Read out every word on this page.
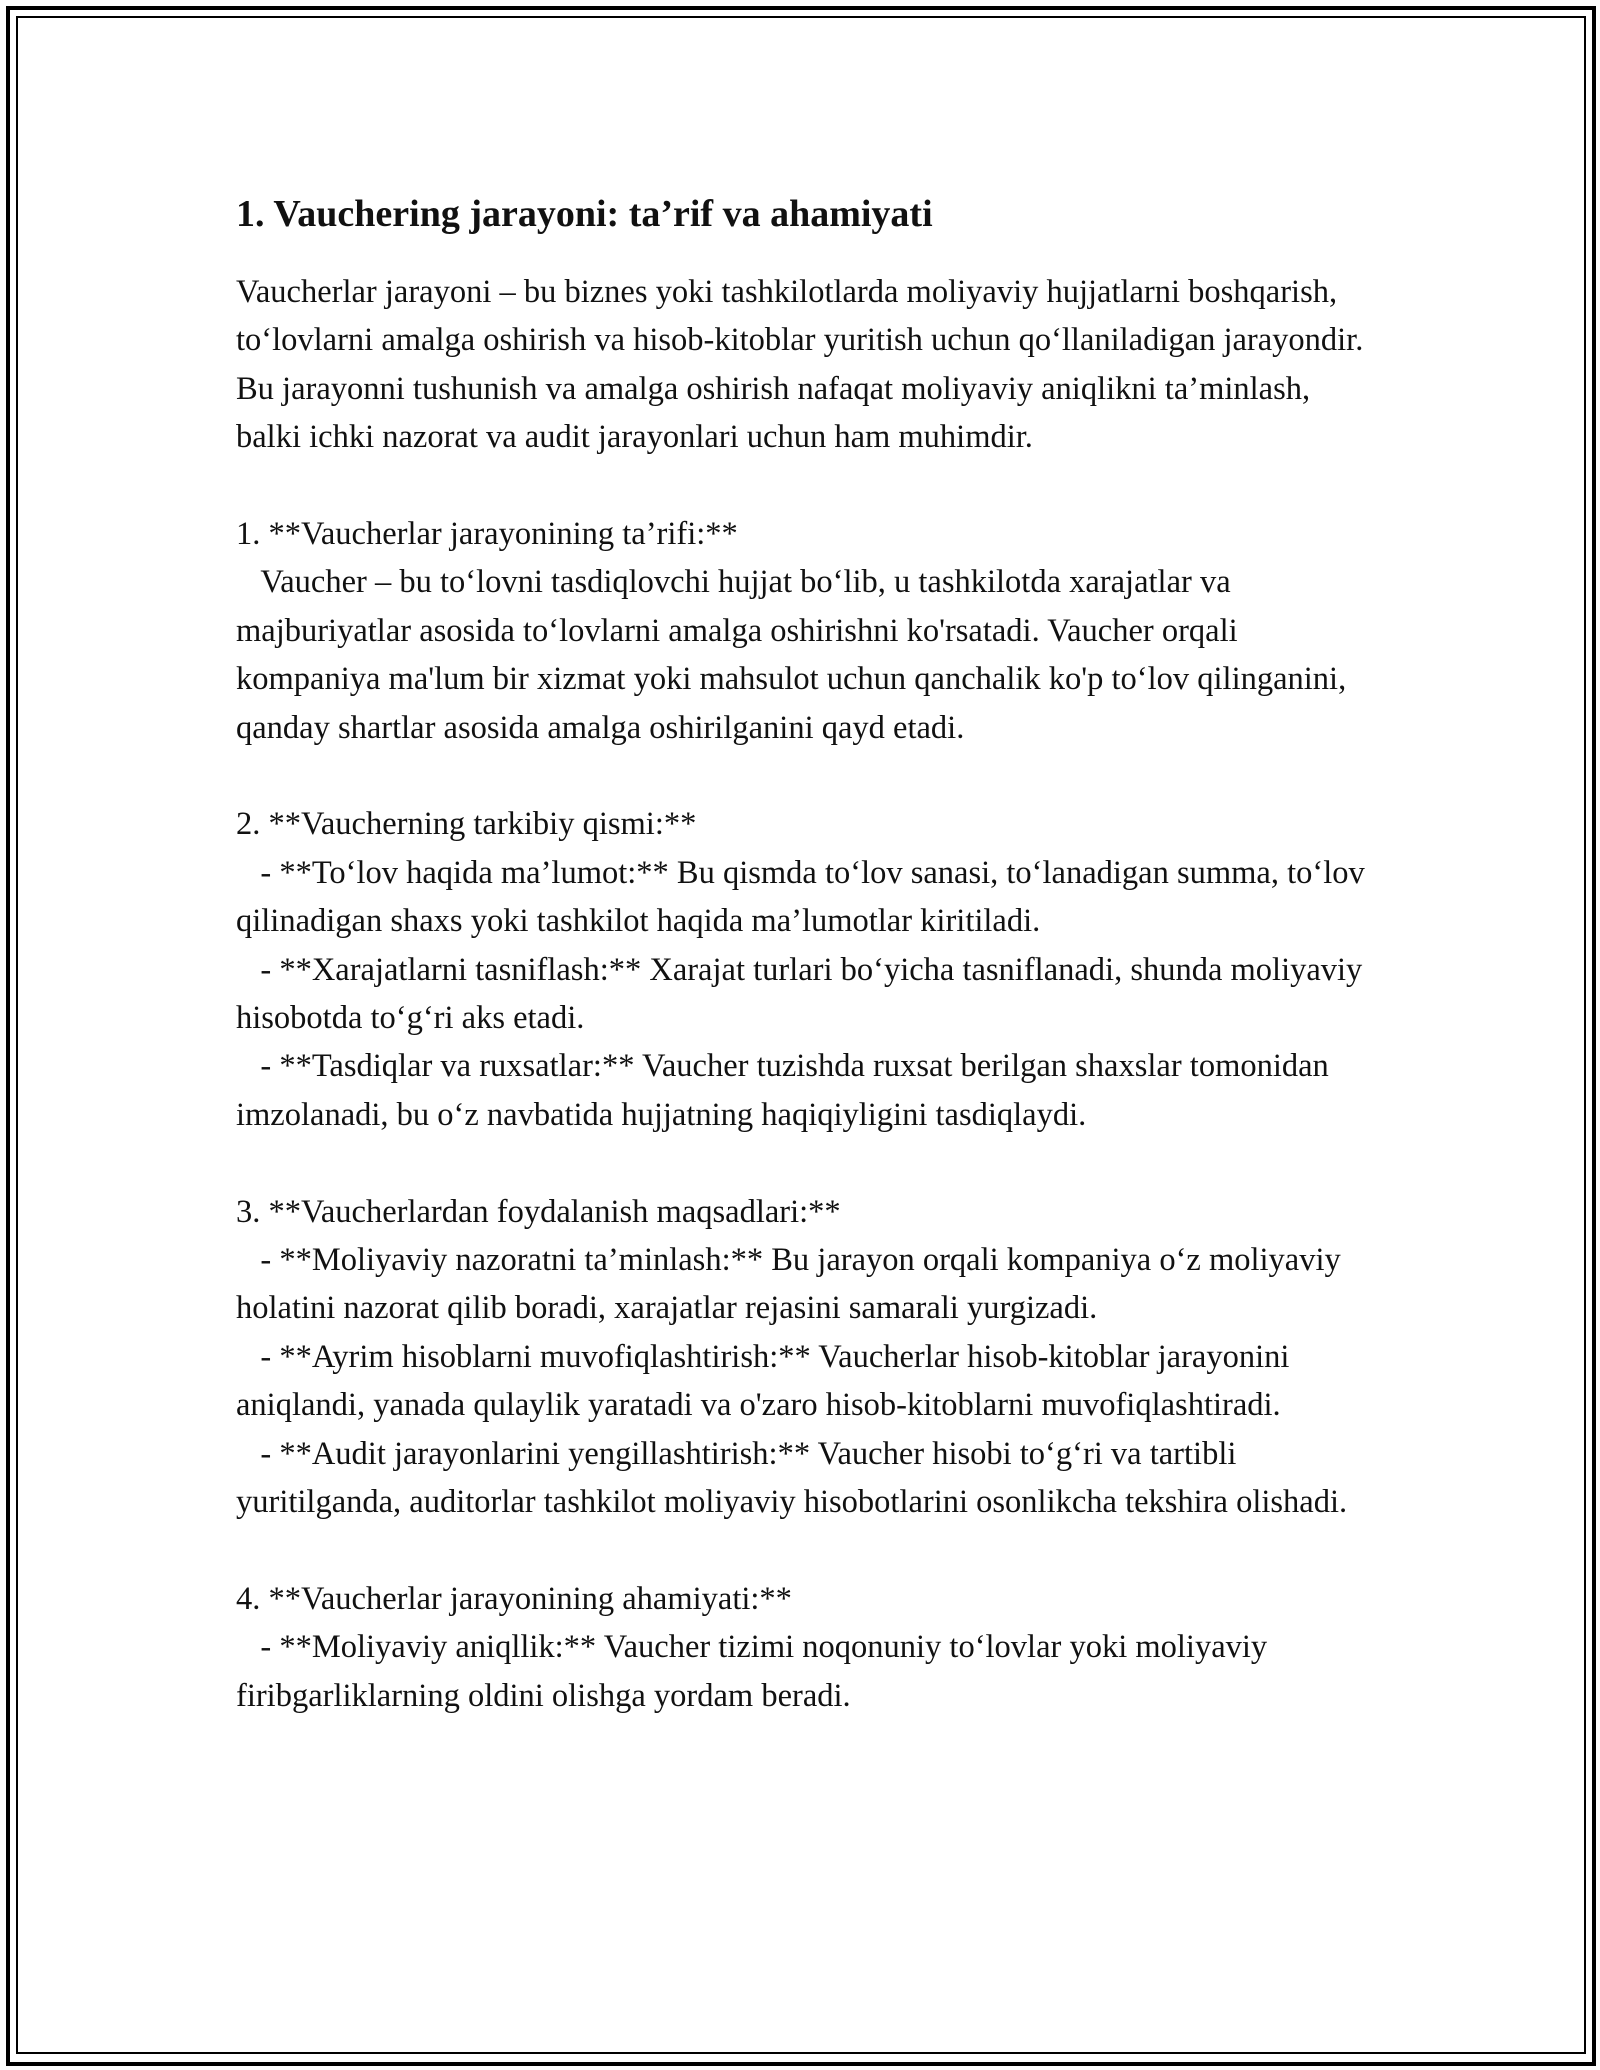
1. Vauchering jarayoni: ta’rif va ahamiyati

Vaucherlar jarayoni – bu biznes yoki tashkilotlarda moliyaviy hujjatlarni boshqarish, to‘lovlarni amalga oshirish va hisob-kitoblar yuritish uchun qo‘llaniladigan jarayondir. Bu jarayonni tushunish va amalga oshirish nafaqat moliyaviy aniqlikni ta’minlash, balki ichki nazorat va audit jarayonlari uchun ham muhimdir.

1. **Vaucherlar jarayonining ta’rifi:**

Vaucher – bu to‘lovni tasdiqlovchi hujjat bo‘lib, u tashkilotda xarajatlar va majburiyatlar asosida to‘lovlarni amalga oshirishni ko'rsatadi. Vaucher orqali kompaniya ma'lum bir xizmat yoki mahsulot uchun qanchalik ko'p to‘lov qilinganini, qanday shartlar asosida amalga oshirilganini qayd etadi.

2. **Vaucherning tarkibiy qismi:**

- **To‘lov haqida ma’lumot:** Bu qismda to‘lov sanasi, to‘lanadigan summa, to‘lov qilinadigan shaxs yoki tashkilot haqida ma’lumotlar kiritiladi.

- **Xarajatlarni tasniflash:** Xarajat turlari bo‘yicha tasniflanadi, shunda moliyaviy hisobotda to‘g‘ri aks etadi.

- **Tasdiqlar va ruxsatlar:** Vaucher tuzishda ruxsat berilgan shaxslar tomonidan imzolanadi, bu o‘z navbatida hujjatning haqiqiyligini tasdiqlaydi.

3. **Vaucherlardan foydalanish maqsadlari:**

- **Moliyaviy nazoratni ta’minlash:** Bu jarayon orqali kompaniya o‘z moliyaviy holatini nazorat qilib boradi, xarajatlar rejasini samarali yurgizadi.

- **Ayrim hisoblarni muvofiqlashtirish:** Vaucherlar hisob-kitoblar jarayonini aniqlandi, yanada qulaylik yaratadi va o'zaro hisob-kitoblarni muvofiqlashtiradi.

- **Audit jarayonlarini yengillashtirish:** Vaucher hisobi to‘g‘ri va tartibli yuritilganda, auditorlar tashkilot moliyaviy hisobotlarini osonlikcha tekshira olishadi.

4. **Vaucherlar jarayonining ahamiyati:**

- **Moliyaviy aniqllik:** Vaucher tizimi noqonuniy to‘lovlar yoki moliyaviy firibgarliklarning oldini olishga yordam beradi.
